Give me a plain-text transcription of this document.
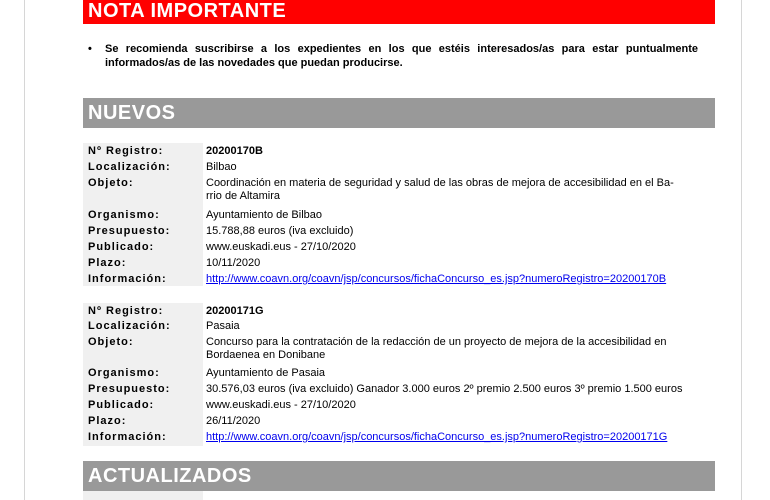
NOTA IMPORTANTE
•	Se recomienda suscribirse a los expedientes en los que estéis interesados/as para estar puntualmente informados/as de las novedades que puedan producirse.
NUEVOS
Nº Registro:	20200170B
Localización:	Bilbao
Objeto:	Coordinación en materia de seguridad y salud de las obras de mejora de accesibilidad en el Ba-
rrio de Altamira
Organismo:	Ayuntamiento de Bilbao
Presupuesto:	15.788,88 euros (iva excluido)
Publicado:	www.euskadi.eus - 27/10/2020
Plazo:	10/11/2020
Información:	http://www.coavn.org/coavn/jsp/concursos/fichaConcurso_es.jsp?numeroRegistro=20200170B
Nº Registro:	20200171G
Localización:	Pasaia
Objeto:	Concurso para la contratación de la redacción de un proyecto de mejora de la accesibilidad en
Bordaenea en Donibane
Organismo:	Ayuntamiento de Pasaia
Presupuesto:	30.576,03 euros (iva excluido) Ganador 3.000 euros 2º premio 2.500 euros 3º premio 1.500 euros
Publicado:	www.euskadi.eus - 27/10/2020
Plazo:	26/11/2020
Información:	http://www.coavn.org/coavn/jsp/concursos/fichaConcurso_es.jsp?numeroRegistro=20200171G
ACTUALIZADOS
